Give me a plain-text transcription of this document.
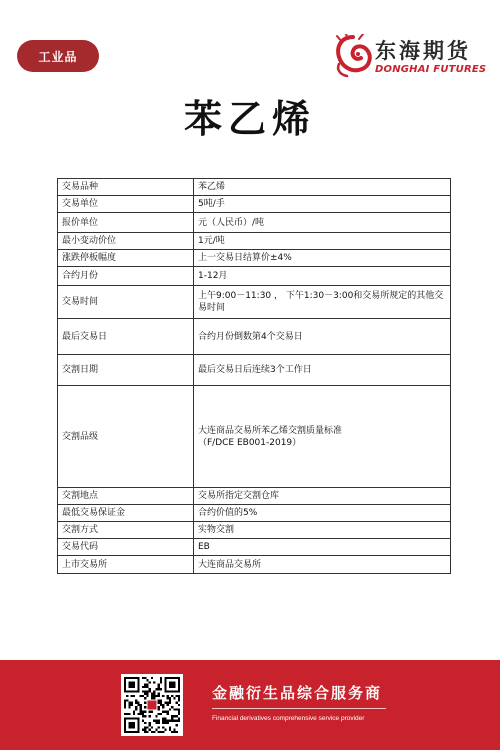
工业品	东海期货
DONGHAI FUTURES
苯乙烯
交易品种	苯乙烯
交易单位	5吨/手
报价单位	元（人民币）/吨
最小变动价位	1元/吨
涨跌停板幅度	上一交易日结算价±4%
合约月份	1-12月
交易时间	上午9:00－11:30 ， 下午1:30－3:00和交易所规定的其他交易时间
最后交易日	合约月份倒数第4个交易日
交割日期	最后交易日后连续3个工作日
交割品级	大连商品交易所苯乙烯交割质量标准
（F/DCE EB001-2019）
交割地点	交易所指定交割仓库
最低交易保证金	合约价值的5%
交割方式	实物交割
交易代码	EB
上市交易所	大连商品交易所
金融衍生品综合服务商
Financial derivatives comprehensive service provider
